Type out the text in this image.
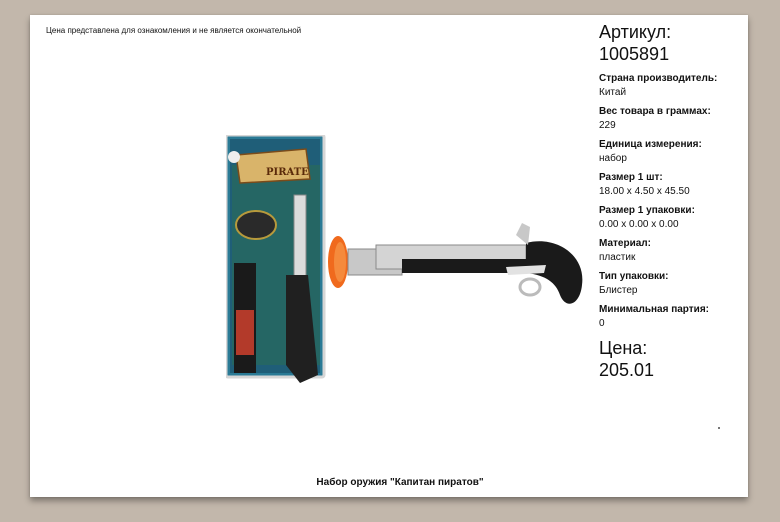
Цена представлена для ознакомления и не является окончательной
PIRATE
Артикул:
1005891
Страна производитель:
Китай
Вес товара в граммах:
229
Единица измерения:
набор
Размер 1 шт:
18.00 x 4.50 x 45.50
Размер 1 упаковки:
0.00 x 0.00 x 0.00
Материал:
пластик
Тип упаковки:
Блистер
Минимальная партия:
0
Цена:
205.01
Набор оружия "Капитан пиратов"
